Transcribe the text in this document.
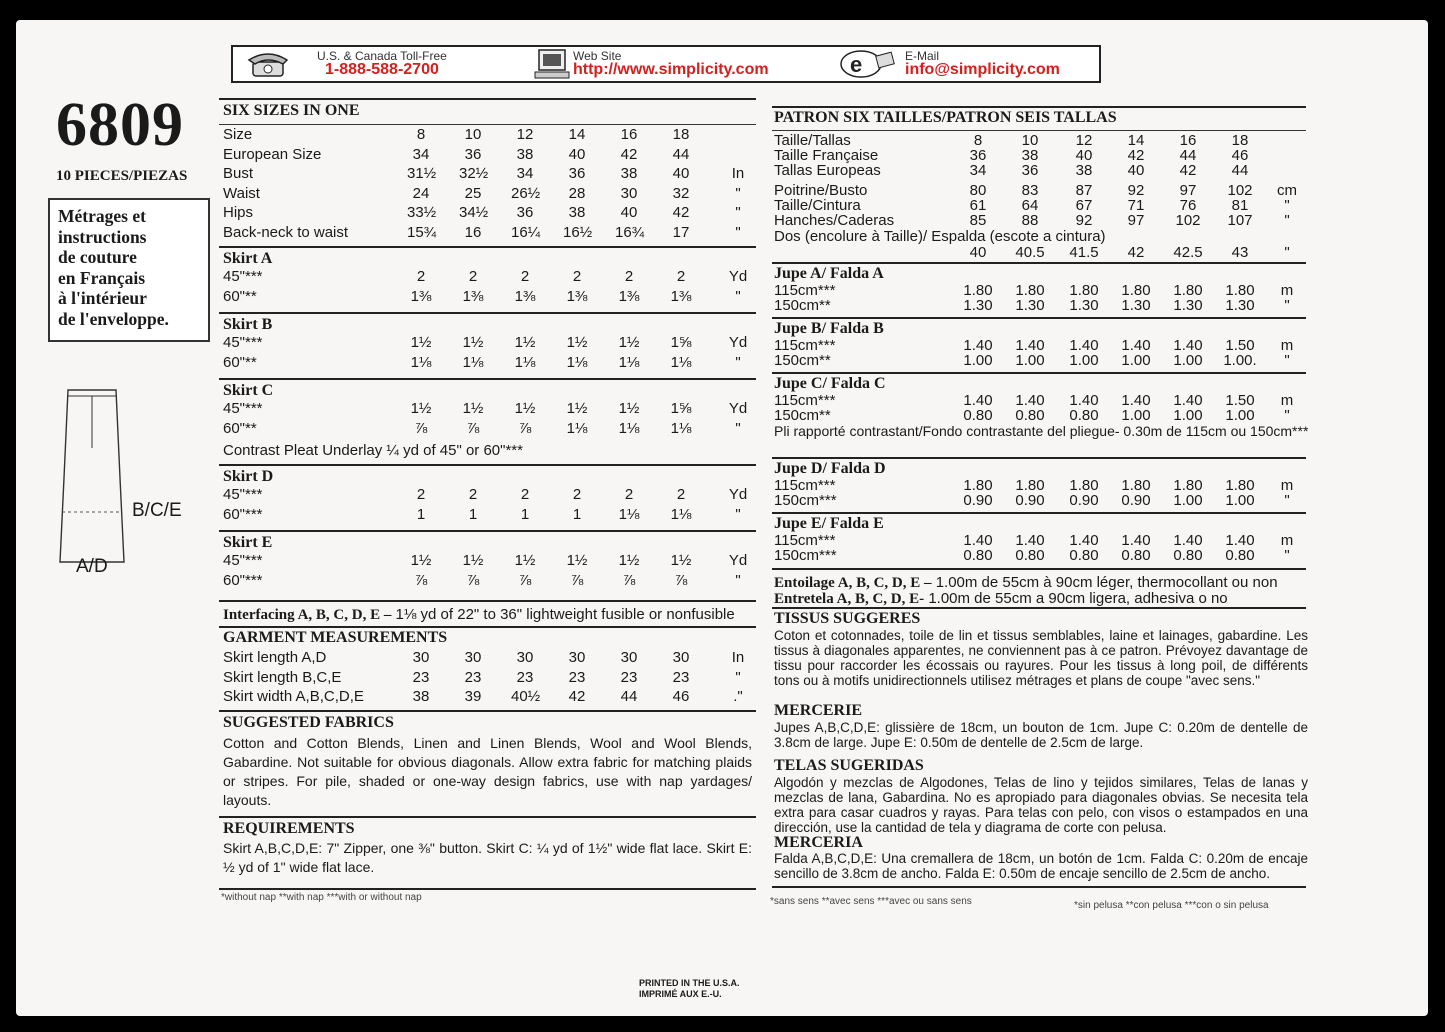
U.S. & Canada Toll-Free
1-888-588-2700
Web Site
http://www.simplicity.com	e	E-Mail
info@simplicity.com
6809
10 PIECES/PIEZAS
Métrages et
instructions
de couture
en Français
à l'intérieur
de l'enveloppe.
B/C/E
A/D
SIX SIZES IN ONE
Size	8	10	12	14	16	18
European Size	34	36	38	40	42	44
Bust	31½ 32½	34	36	38	40	In
Waist	24	25	26½	28	30	32	"
Hips	33½ 34½	36	38	40	42	"
Back-neck to waist	15¾	16	16¼ 16½ 16¾	17	"
Skirt A
45"***	2	2	2	2	2	2	Yd
60"**	1⅜ 1⅜ 1⅜ 1⅜ 1⅜ 1⅜	"
Skirt B
45"***	1½ 1½ 1½ 1½ 1½ 1⅝ Yd
60"**	1⅛ 1⅛ 1⅛ 1⅛ 1⅛ 1⅛	"
Skirt C
45"***	1½ 1½ 1½ 1½ 1½ 1⅝ Yd
60"**	⅞	⅞	⅞	1⅛ 1⅛ 1⅛	"
Contrast Pleat Underlay ¼ yd of 45" or 60"***
Skirt D
45"***	2	2	2	2	2	2	Yd
60"***	1	1	1	1	1⅛ 1⅛	"
Skirt E
45"***	1½ 1½ 1½ 1½ 1½ 1½ Yd
60"***	⅞	⅞	⅞	⅞	⅞	⅞	"
Interfacing A, B, C, D, E – 1⅛ yd of 22" to 36" lightweight fusible or nonfusible
GARMENT MEASUREMENTS
Skirt length A,D	30	30	30	30	30	30	In
Skirt length B,C,E	23	23	23	23	23	23	"
Skirt width A,B,C,D,E	38	39	40½	42	44	46	."
SUGGESTED FABRICS
Cotton and Cotton Blends, Linen and Linen Blends, Wool and Wool Blends, Gabardine. Not suitable for obvious diagonals. Allow extra fabric for matching plaids or stripes. For pile, shaded or one-way design fabrics, use with nap yardages/ layouts.
REQUIREMENTS
Skirt A,B,C,D,E: 7" Zipper, one ⅜" button. Skirt C: ¼ yd of 1½" wide flat lace. Skirt E: ½ yd of 1" wide flat lace.
*without nap **with nap ***with or without nap
PATRON SIX TAILLES/PATRON SEIS TALLAS
Taille/Tallas	8	10	12	14	16	18
Taille Française	36	38	40	42	44	46
Tallas Europeas	34	36	38	40	42	44
Poitrine/Busto	80	83	87	92	97	102	cm
Taille/Cintura	61	64	67	71	76	81	"
Hanches/Caderas	85	88	92	97	102	107	"
Dos (encolure à Taille)/ Espalda (escote a cintura)
40	40.5 41.5	42	42.5	43	"
Jupe A/ Falda A
115cm***	1.80 1.80 1.80 1.80 1.80 1.80	m
150cm**	1.30 1.30 1.30 1.30 1.30 1.30	"
Jupe B/ Falda B
115cm***	1.40 1.40 1.40 1.40 1.40 1.50	m
150cm**	1.00 1.00 1.00 1.00 1.00 1.00.	"
Jupe C/ Falda C
115cm***	1.40 1.40 1.40 1.40 1.40 1.50	m
150cm**	0.80 0.80 0.80 1.00 1.00 1.00	"
Pli rapporté contrastant/Fondo contrastante del pliegue- 0.30m de 115cm ou 150cm***
Jupe D/ Falda D
115cm***	1.80 1.80 1.80 1.80 1.80 1.80	m
150cm***	0.90 0.90 0.90 0.90 1.00 1.00	"
Jupe E/ Falda E
115cm***	1.40 1.40 1.40 1.40 1.40 1.40	m
150cm***	0.80 0.80 0.80 0.80 0.80 0.80	"
Entoilage A, B, C, D, E – 1.00m de 55cm à 90cm léger, thermocollant ou non
Entretela A, B, C, D, E- 1.00m de 55cm a 90cm ligera, adhesiva o no
TISSUS SUGGERES
Coton et cotonnades, toile de lin et tissus semblables, laine et lainages, gabardine. Les tissus à diagonales apparentes, ne conviennent pas à ce patron. Prévoyez davantage de tissu pour raccorder les écossais ou rayures. Pour les tissus à long poil, de différents tons ou à motifs unidirectionnels utilisez métrages et plans de coupe "avec sens."
MERCERIE
Jupes A,B,C,D,E: glissière de 18cm, un bouton de 1cm. Jupe C: 0.20m de dentelle de 3.8cm de large. Jupe E: 0.50m de dentelle de 2.5cm de large.
TELAS SUGERIDAS
Algodón y mezclas de Algodones, Telas de lino y tejidos similares, Telas de lanas y mezclas de lana, Gabardina. No es apropiado para diagonales obvias. Se necesita tela extra para casar cuadros y rayas. Para telas con pelo, con visos o estampados en una dirección, use la cantidad de tela y diagrama de corte con pelusa.
MERCERIA
Falda A,B,C,D,E: Una cremallera de 18cm, un botón de 1cm. Falda C: 0.20m de encaje sencillo de 3.8cm de ancho. Falda E: 0.50m de encaje sencillo de 2.5cm de ancho.
*sans sens **avec sens ***avec ou sans sens	*sin pelusa **con pelusa ***con o sin pelusa
PRINTED IN THE U.S.A.
IMPRIMÉ AUX E.-U.
